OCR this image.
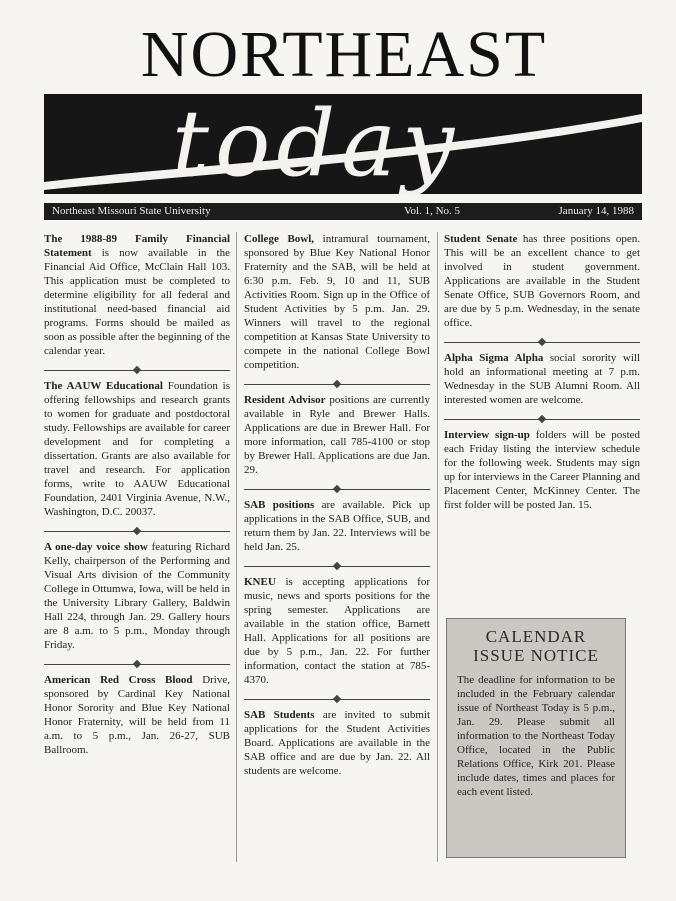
NORTHEAST
today
Northeast Missouri State University	Vol. 1, No. 5	January 14, 1988
The 1988-89 Family Financial Statement is now available in the Financial Aid Office, McClain Hall 103. This application must be completed to determine eligibility for all federal and institutional need-based financial aid programs. Forms should be mailed as soon as possible after the beginning of the calendar year.
The AAUW Educational Foundation is offering fellowships and research grants to women for graduate and postdoctoral study. Fellowships are available for career development and for completing a dissertation. Grants are also available for travel and research. For application forms, write to AAUW Educational Foundation, 2401 Virginia Avenue, N.W., Washington, D.C. 20037.
A one-day voice show featuring Richard Kelly, chairperson of the Performing and Visual Arts division of the Community College in Ottumwa, Iowa, will be held in the University Library Gallery, Baldwin Hall 224, through Jan. 29. Gallery hours are 8 a.m. to 5 p.m., Monday through Friday.
American Red Cross Blood Drive, sponsored by Cardinal Key National Honor Sorority and Blue Key National Honor Fraternity, will be held from 11 a.m. to 5 p.m., Jan. 26-27, SUB Ballroom.
College Bowl, intramural tournament, sponsored by Blue Key National Honor Fraternity and the SAB, will be held at 6:30 p.m. Feb. 9, 10 and 11, SUB Activities Room. Sign up in the Office of Student Activities by 5 p.m. Jan. 29. Winners will travel to the regional competition at Kansas State University to compete in the national College Bowl competition.
Resident Advisor positions are currently available in Ryle and Brewer Halls. Applications are due in Brewer Hall. For more information, call 785-4100 or stop by Brewer Hall. Applications are due Jan. 29.
SAB positions are available. Pick up applications in the SAB Office, SUB, and return them by Jan. 22. Interviews will be held Jan. 25.
KNEU is accepting applications for music, news and sports positions for the spring semester. Applications are available in the station office, Barnett Hall. Applications for all positions are due by 5 p.m., Jan. 22. For further information, contact the station at 785-4370.
SAB Students are invited to submit applications for the Student Activities Board. Applications are available in the SAB office and are due by Jan. 22. All students are welcome.
Student Senate has three positions open. This will be an excellent chance to get involved in student government. Applications are available in the Student Senate Office, SUB Governors Room, and are due by 5 p.m. Wednesday, in the senate office.
Alpha Sigma Alpha social sorority will hold an informational meeting at 7 p.m. Wednesday in the SUB Alumni Room. All interested women are welcome.
Interview sign-up folders will be posted each Friday listing the interview schedule for the following week. Students may sign up for interviews in the Career Planning and Placement Center, McKinney Center. The first folder will be posted Jan. 15.
CALENDAR ISSUE NOTICE
The deadline for information to be included in the February calendar issue of Northeast Today is 5 p.m., Jan. 29. Please submit all information to the Northeast Today Office, located in the Public Relations Office, Kirk 201. Please include dates, times and places for each event listed.
